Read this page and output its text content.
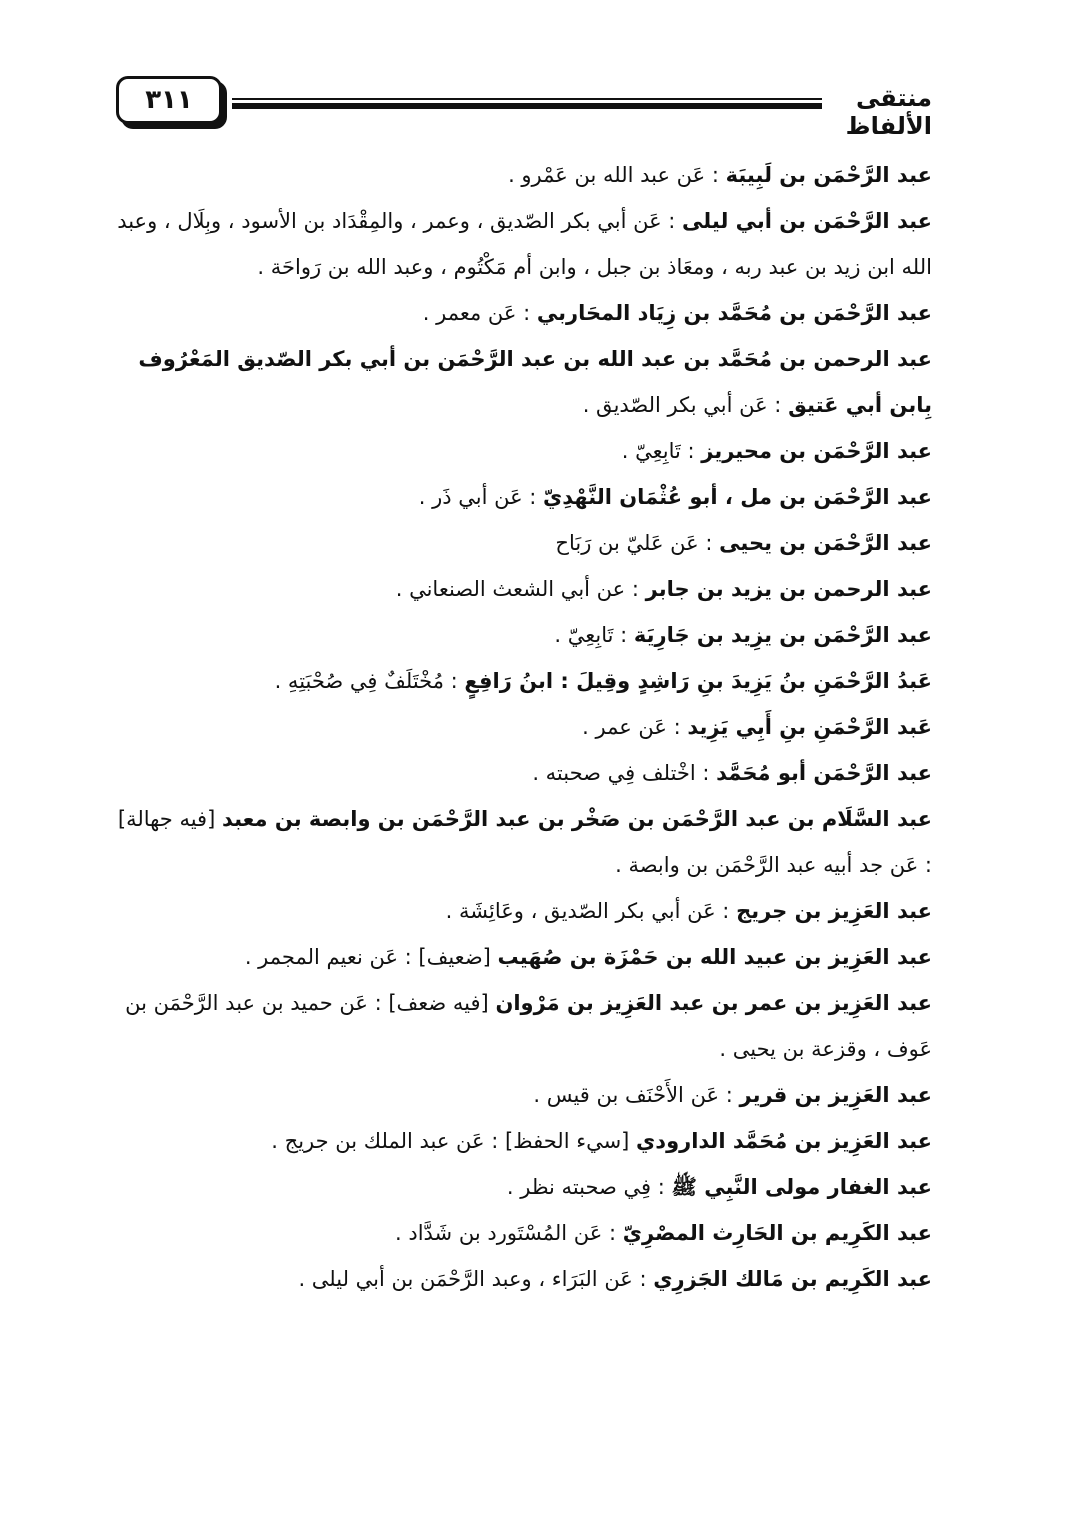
٣١١	منتقى الألفاظ

عبد الرَّحْمَن بن لَبِيبَة : عَن عبد الله بن عَمْرو .

عبد الرَّحْمَن بن أبي ليلى : عَن أبي بكر الصّديق ، وعمر ، والمِقْدَاد بن الأسود ، وبِلَال ، وعبد الله ابن زيد بن عبد ربه ، ومعَاذ بن جبل ، وابن أم مَكْتُوم ، وعبد الله بن رَواحَة .

عبد الرَّحْمَن بن مُحَمَّد بن زِيَاد المحَاربي : عَن معمر .

عبد الرحمن بن مُحَمَّد بن عبد الله بن عبد الرَّحْمَن بن أبي بكر الصّديق المَعْرُوف بِابن أبي عَتيق : عَن أبي بكر الصّديق .

عبد الرَّحْمَن بن محيريز : تَابِعِيّ .

عبد الرَّحْمَن بن مل ، أبو عُثْمَان النَّهْدِيّ : عَن أبي ذَر .

عبد الرَّحْمَن بن يحيى : عَن عَليّ بن رَبَاح

عبد الرحمن بن يزيد بن جابر : عن أبي الشعث الصنعاني .

عبد الرَّحْمَن بن يزِيد بن جَارِيَة : تَابِعِيّ .

عَبدُ الرَّحْمَنِ بنُ يَزِيدَ بنِ رَاشِدٍ وقِيلَ : ابنُ رَافِعٍ : مُخْتَلَفٌ فِي صُحْبَتِهِ .

عَبد الرَّحْمَنِ بنِ أَبِي يَزِيد : عَن عمر .

عبد الرَّحْمَن أبو مُحَمَّد : اخْتلف فِي صحبته .

عبد السَّلَام بن عبد الرَّحْمَن بن صَخْر بن عبد الرَّحْمَن بن وابصة بن معبد [فيه جهالة] : عَن جد أبيه عبد الرَّحْمَن بن وابصة .

عبد العَزِيز بن جريج : عَن أبي بكر الصّديق ، وعَائِشَة .

عبد العَزِيز بن عبيد الله بن حَمْزَة بن صُهَيب [ضعيف] : عَن نعيم المجمر .

عبد العَزِيز بن عمر بن عبد العَزِيز بن مَرْوان [فيه ضعف] : عَن حميد بن عبد الرَّحْمَن بن عَوف ، وقزعة بن يحيى .

عبد العَزِيز بن قرير : عَن الأَحْنَف بن قيس .

عبد العَزِيز بن مُحَمَّد الدارودي [سيء الحفظ] : عَن عبد الملك بن جريج .

عبد الغفار مولى النَّبِي ﷺ : فِي صحبته نظر .

عبد الكَرِيم بن الحَارِث المصْرِيّ : عَن المُسْتَورد بن شَدَّاد .

عبد الكَرِيم بن مَالك الجَزرِي : عَن البَرَاء ، وعبد الرَّحْمَن بن أبي ليلى .
